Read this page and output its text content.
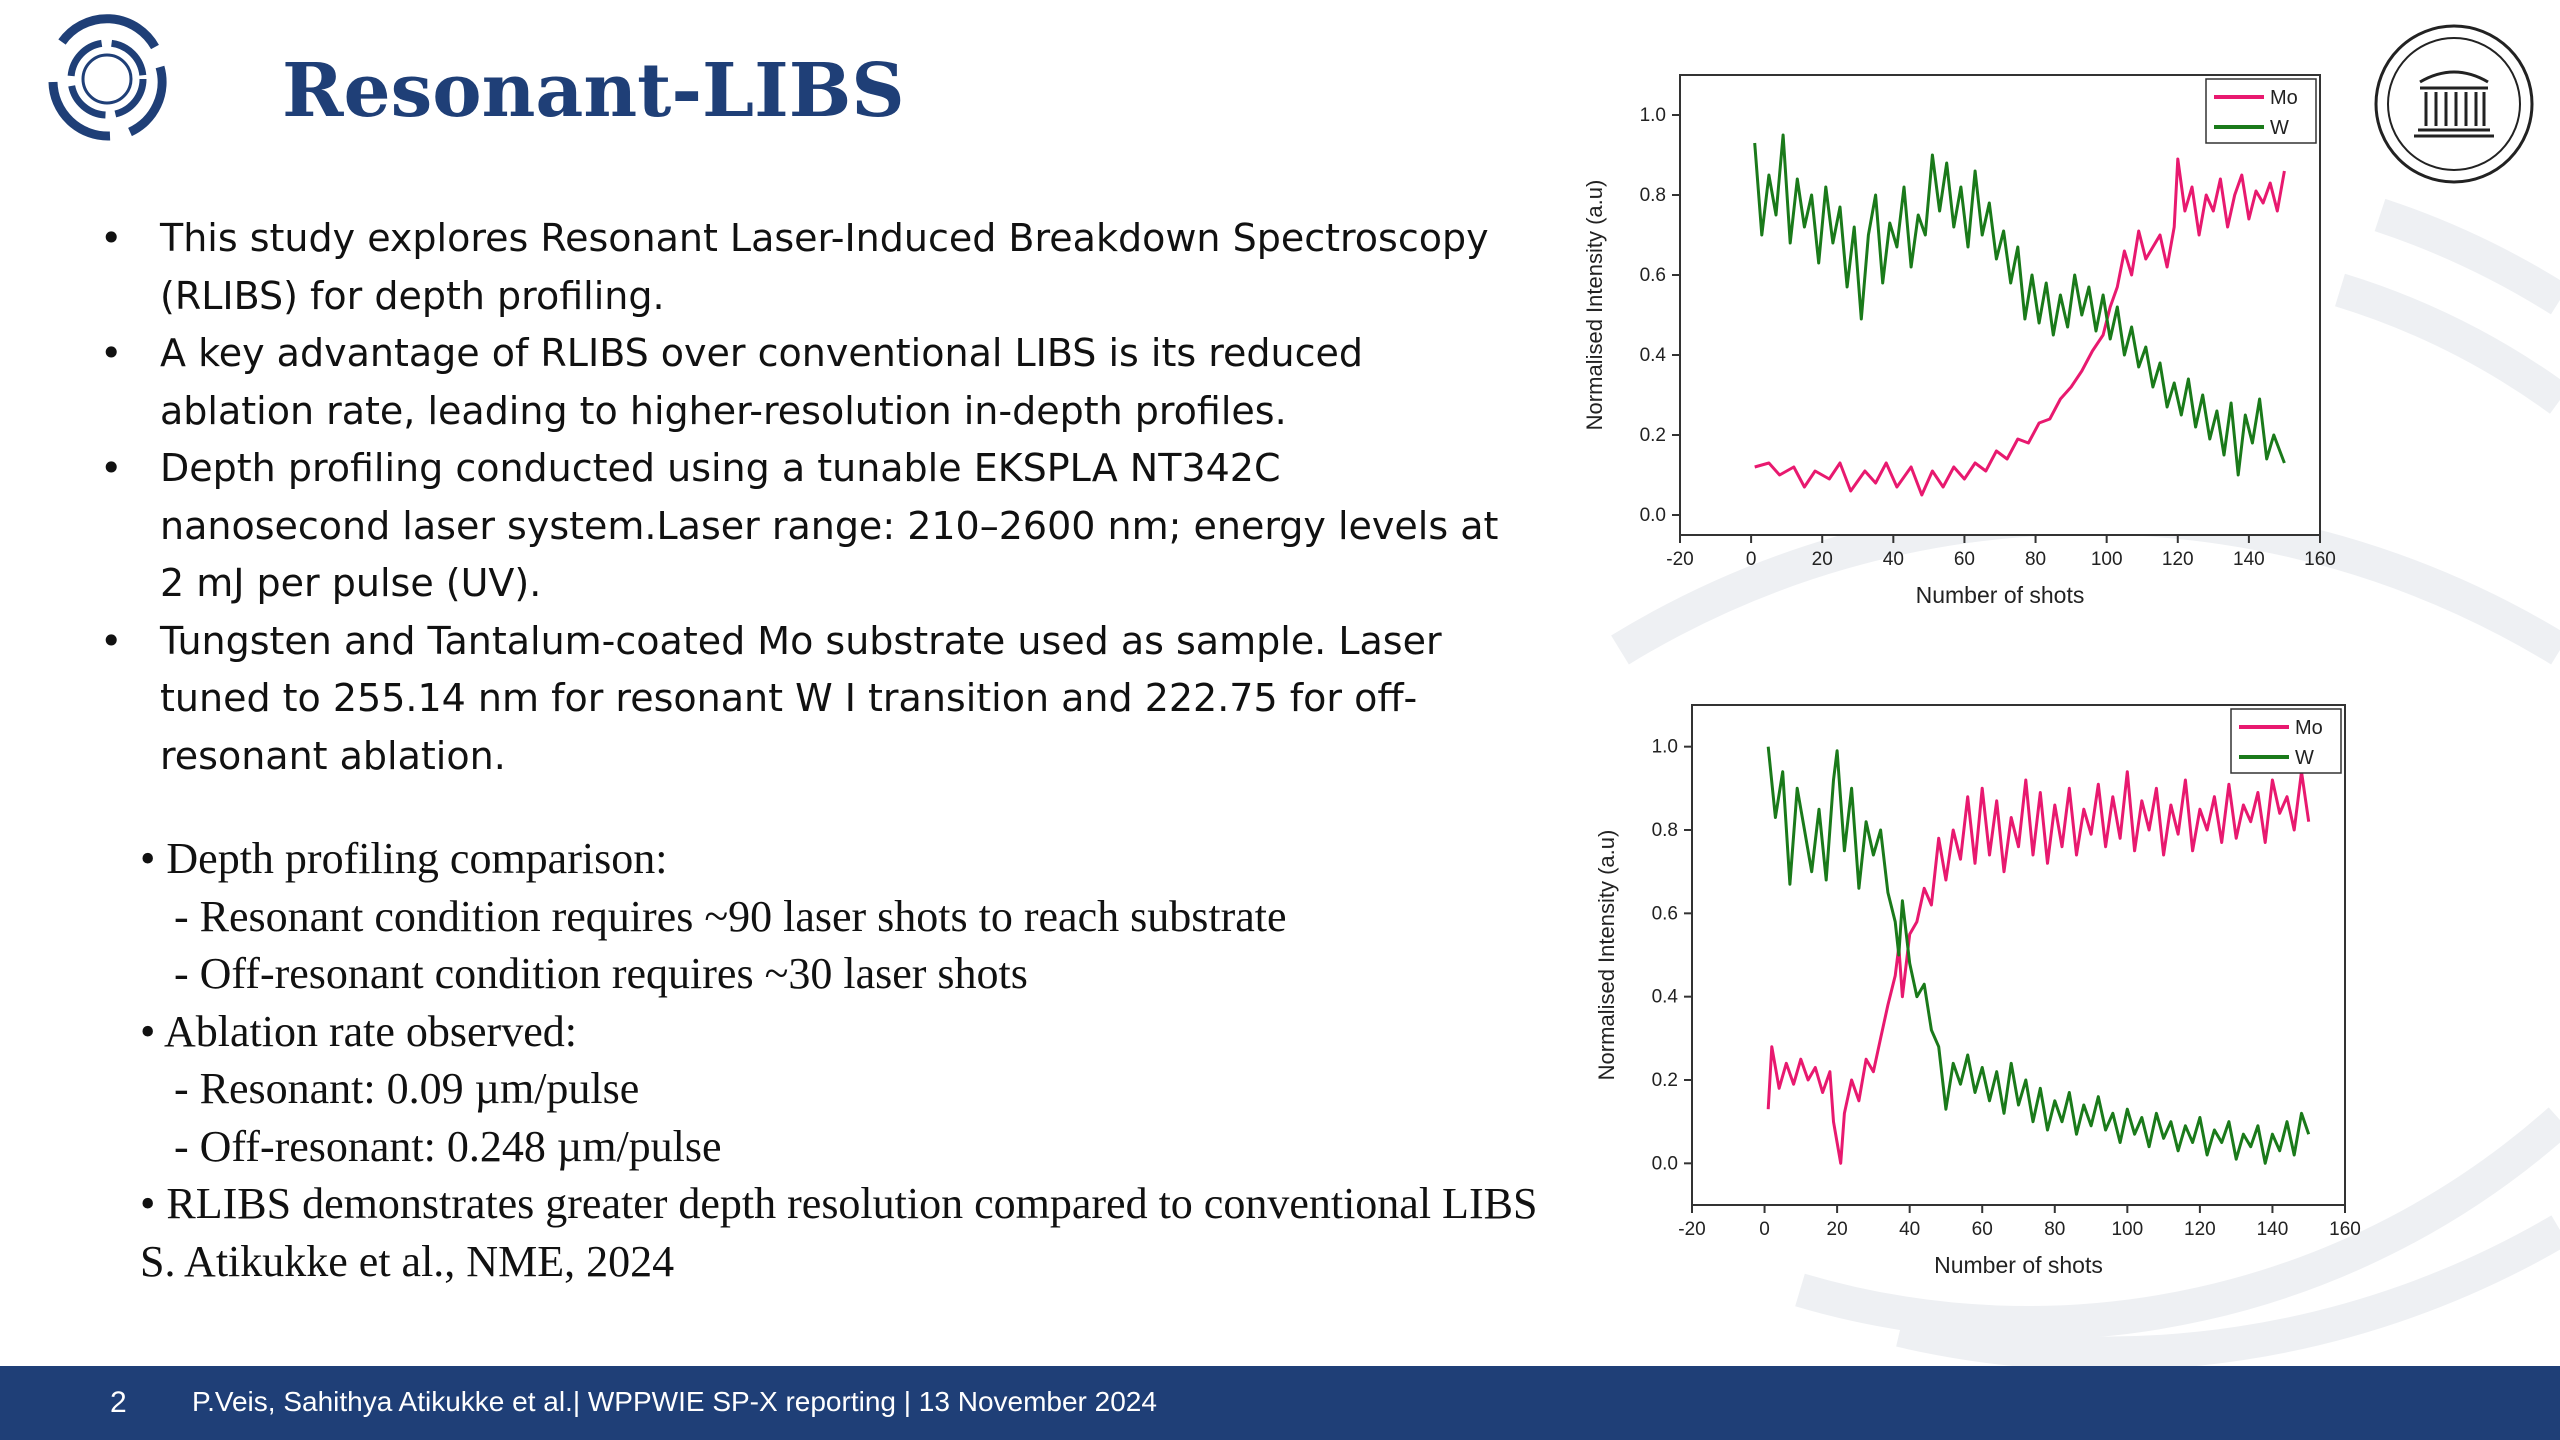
Resonant-LIBS
• This study explores Resonant Laser-Induced Breakdown Spectroscopy (RLIBS) for depth profiling.
• A key advantage of RLIBS over conventional LIBS is its reduced ablation rate, leading to higher-resolution in-depth profiles.
• Depth profiling conducted using a tunable EKSPLA NT342C nanosecond laser system.Laser range: 210–2600 nm; energy levels at 2 mJ per pulse (UV).
• Tungsten and Tantalum-coated Mo substrate used as sample. Laser tuned to 255.14 nm for resonant W I transition and 222.75 for off-resonant ablation.
• Depth profiling comparison:
- Resonant condition requires ~90 laser shots to reach substrate
- Off-resonant condition requires ~30 laser shots
• Ablation rate observed:
- Resonant: 0.09 µm/pulse
- Off-resonant: 0.248 µm/pulse
• RLIBS demonstrates greater depth resolution compared to conventional LIBS
S. Atikukke et al., NME, 2024
-20	0	20	40	60	80 100 120 140 160
0.0
0.2
0.4
0.6
0.8
1.0
Number of shots
Normalised Intensity (a.u)
Mo
W
-20	0	20	40	60	80 100 120 140 160
0.0
0.2
0.4
0.6
0.8
1.0
Number of shots
Normalised Intensity (a.u)
Mo
W
2 P.Veis, Sahithya Atikukke et al.| WPPWIE SP-X reporting | 13 November 2024
